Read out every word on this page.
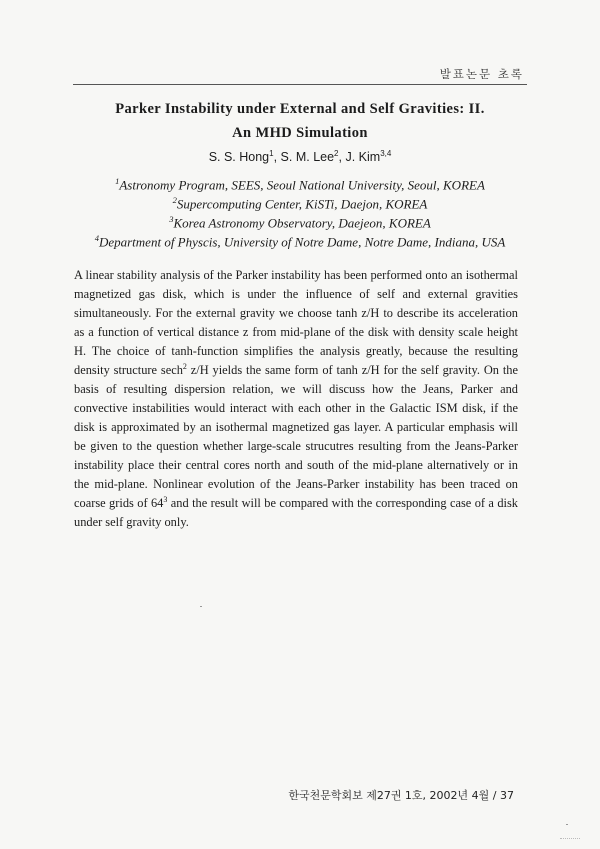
발표논문 초록
Parker Instability under External and Self Gravities: II.
An MHD Simulation
S. S. Hong$^1$, S. M. Lee$^2$, J. Kim$^{3,4}$
$^1$Astronomy Program, SEES, Seoul National University, Seoul, KOREA
$^2$Supercomputing Center, KiSTi, Daejon, KOREA
$^3$Korea Astronomy Observatory, Daejeon, KOREA
$^4$Department of Physcis, University of Notre Dame, Notre Dame, Indiana, USA
A linear stability analysis of the Parker instability has been performed onto an isothermal magnetized gas disk, which is under the influence of self and external gravities simultaneously. For the external gravity we choose tanh z/H to describe its acceleration as a function of vertical distance z from mid-plane of the disk with density scale height H. The choice of tanh-function simplifies the analysis greatly, because the resulting density structure sech$^2$ z/H yields the same form of tanh z/H for the self gravity. On the basis of resulting dispersion relation, we will discuss how the Jeans, Parker and convective instabilities would interact with each other in the Galactic ISM disk, if the disk is approximated by an isothermal magnetized gas layer. A particular emphasis will be given to the question whether large-scale strucutres resulting from the Jeans-Parker instability place their central cores north and south of the mid-plane alternatively or in the mid-plane. Nonlinear evolution of the Jeans-Parker instability has been traced on coarse grids of $64^3$ and the result will be compared with the corresponding case of a disk under self gravity only.
한국천문학회보 제27권 1호, 2002년 4월 / 37
